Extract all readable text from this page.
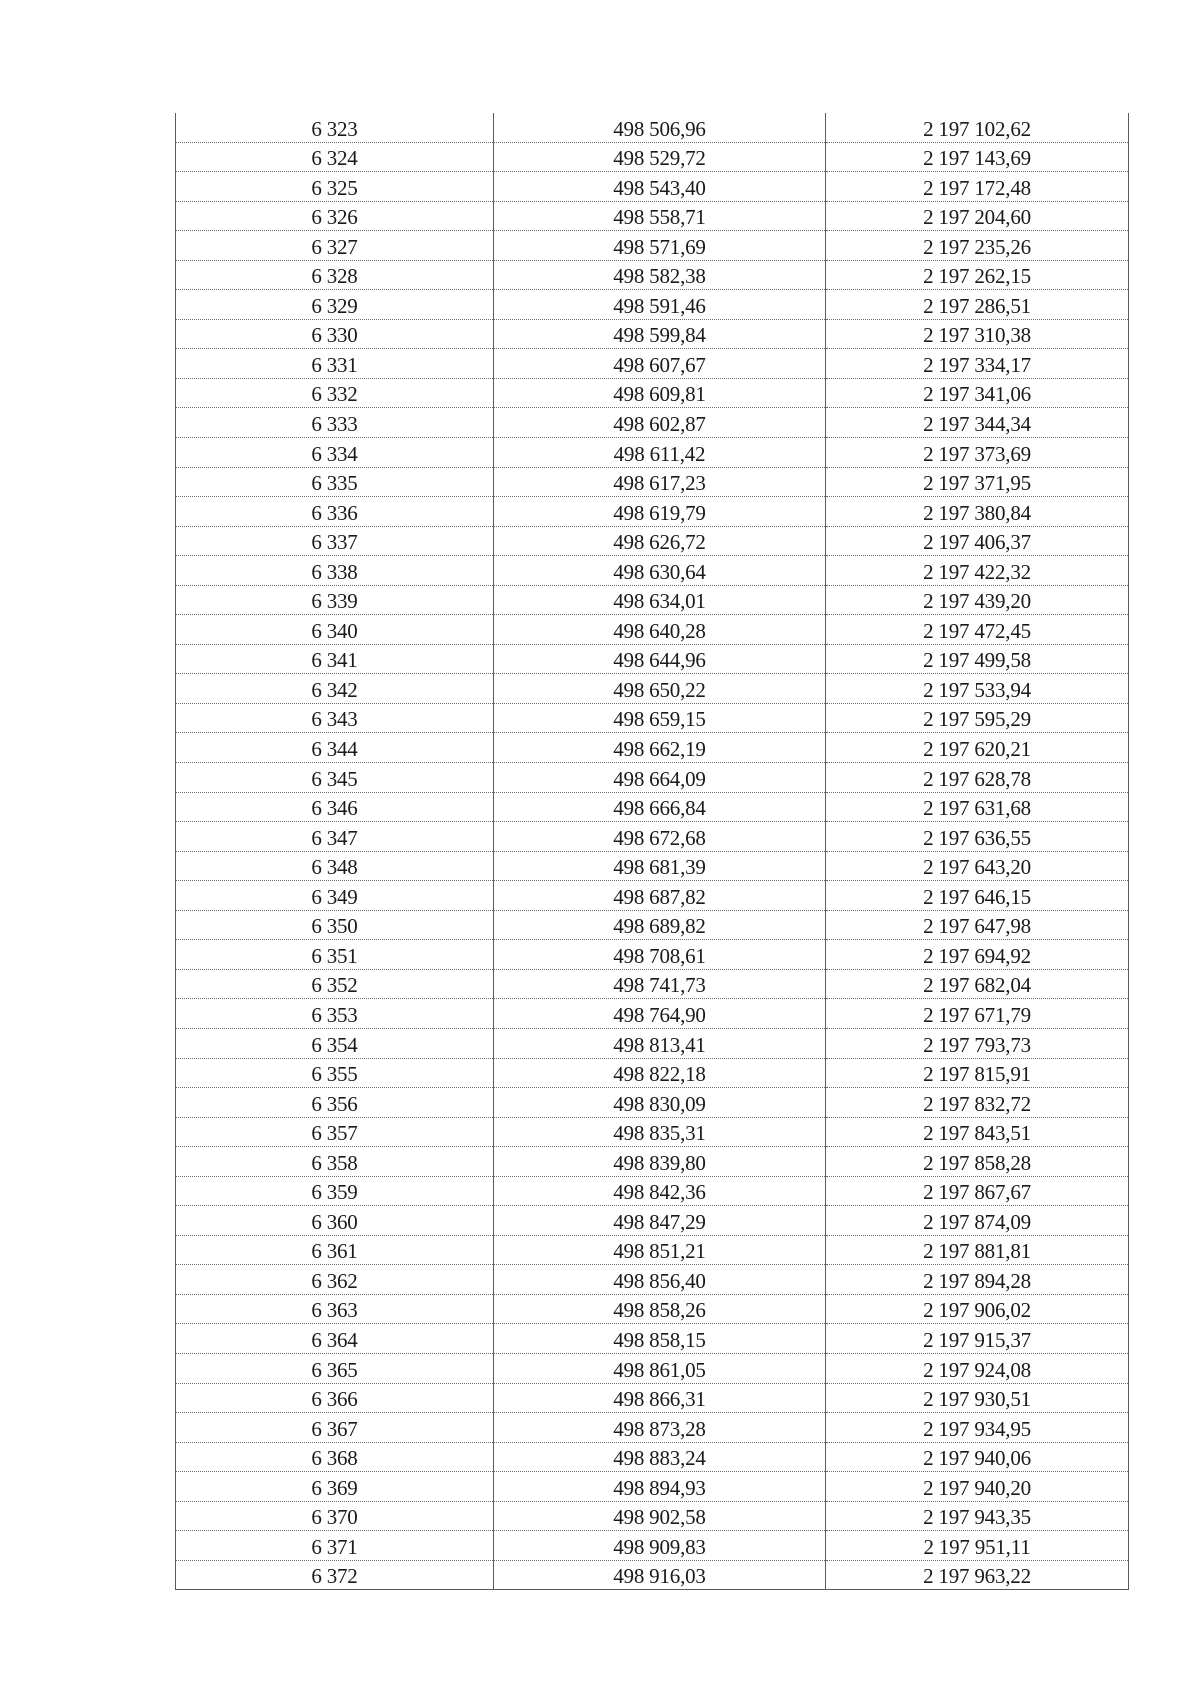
6 323	498 506,96	2 197 102,62
6 324	498 529,72	2 197 143,69
6 325	498 543,40	2 197 172,48
6 326	498 558,71	2 197 204,60
6 327	498 571,69	2 197 235,26
6 328	498 582,38	2 197 262,15
6 329	498 591,46	2 197 286,51
6 330	498 599,84	2 197 310,38
6 331	498 607,67	2 197 334,17
6 332	498 609,81	2 197 341,06
6 333	498 602,87	2 197 344,34
6 334	498 611,42	2 197 373,69
6 335	498 617,23	2 197 371,95
6 336	498 619,79	2 197 380,84
6 337	498 626,72	2 197 406,37
6 338	498 630,64	2 197 422,32
6 339	498 634,01	2 197 439,20
6 340	498 640,28	2 197 472,45
6 341	498 644,96	2 197 499,58
6 342	498 650,22	2 197 533,94
6 343	498 659,15	2 197 595,29
6 344	498 662,19	2 197 620,21
6 345	498 664,09	2 197 628,78
6 346	498 666,84	2 197 631,68
6 347	498 672,68	2 197 636,55
6 348	498 681,39	2 197 643,20
6 349	498 687,82	2 197 646,15
6 350	498 689,82	2 197 647,98
6 351	498 708,61	2 197 694,92
6 352	498 741,73	2 197 682,04
6 353	498 764,90	2 197 671,79
6 354	498 813,41	2 197 793,73
6 355	498 822,18	2 197 815,91
6 356	498 830,09	2 197 832,72
6 357	498 835,31	2 197 843,51
6 358	498 839,80	2 197 858,28
6 359	498 842,36	2 197 867,67
6 360	498 847,29	2 197 874,09
6 361	498 851,21	2 197 881,81
6 362	498 856,40	2 197 894,28
6 363	498 858,26	2 197 906,02
6 364	498 858,15	2 197 915,37
6 365	498 861,05	2 197 924,08
6 366	498 866,31	2 197 930,51
6 367	498 873,28	2 197 934,95
6 368	498 883,24	2 197 940,06
6 369	498 894,93	2 197 940,20
6 370	498 902,58	2 197 943,35
6 371	498 909,83	2 197 951,11
6 372	498 916,03	2 197 963,22
